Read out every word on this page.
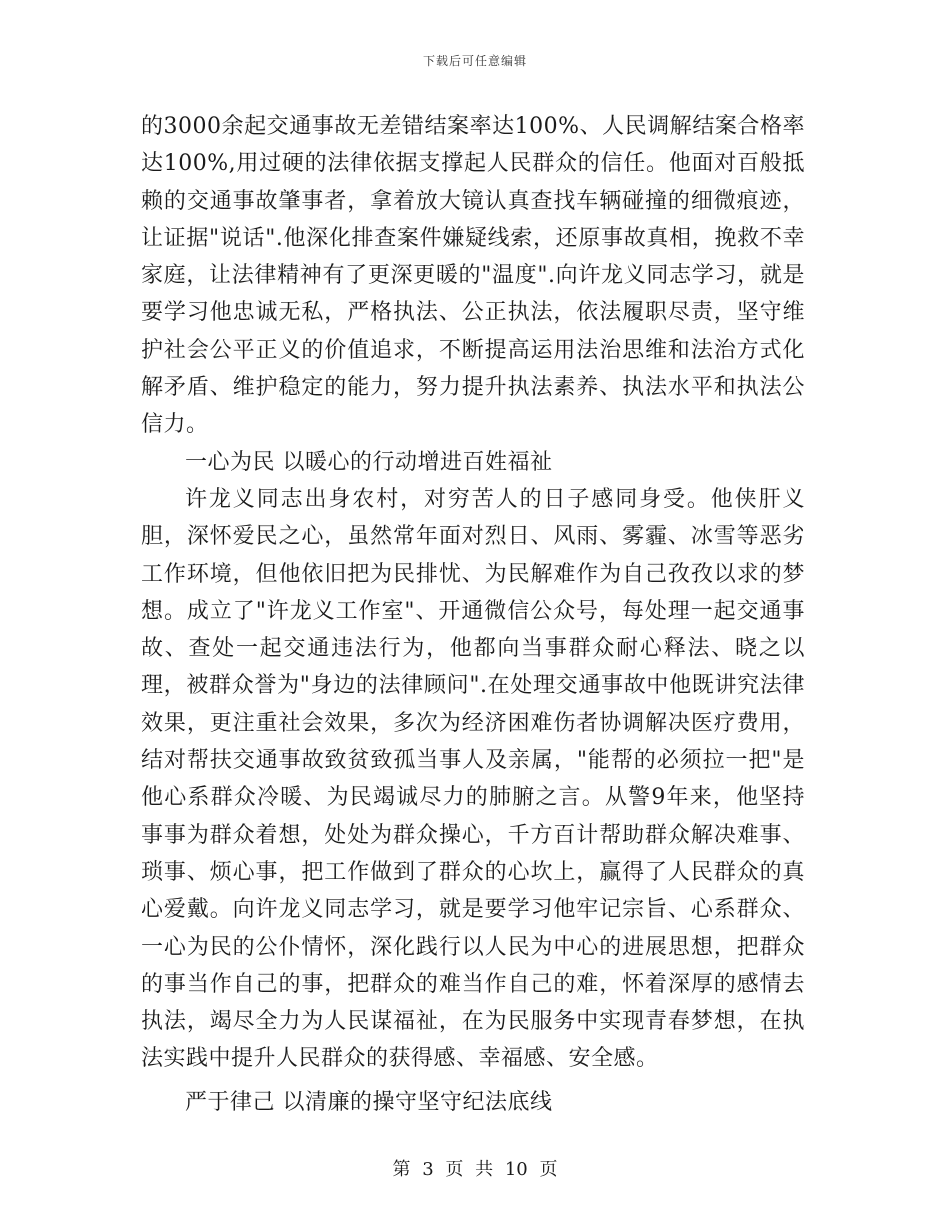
下载后可任意编辑

的3000余起交通事故无差错结案率达100%、人民调解结案合格率达100%,用过硬的法律依据支撑起人民群众的信任。他面对百般抵赖的交通事故肇事者，拿着放大镜认真查找车辆碰撞的细微痕迹，让证据"说话".他深化排查案件嫌疑线索，还原事故真相，挽救不幸家庭，让法律精神有了更深更暖的"温度".向许龙义同志学习，就是要学习他忠诚无私，严格执法、公正执法，依法履职尽责，坚守维护社会公平正义的价值追求，不断提高运用法治思维和法治方式化解矛盾、维护稳定的能力，努力提升执法素养、执法水平和执法公信力。

一心为民 以暖心的行动增进百姓福祉

许龙义同志出身农村，对穷苦人的日子感同身受。他侠肝义胆，深怀爱民之心，虽然常年面对烈日、风雨、雾霾、冰雪等恶劣工作环境，但他依旧把为民排忧、为民解难作为自己孜孜以求的梦想。成立了"许龙义工作室"、开通微信公众号，每处理一起交通事故、查处一起交通违法行为，他都向当事群众耐心释法、晓之以理，被群众誉为"身边的法律顾问".在处理交通事故中他既讲究法律效果，更注重社会效果，多次为经济困难伤者协调解决医疗费用，结对帮扶交通事故致贫致孤当事人及亲属，"能帮的必须拉一把"是他心系群众冷暖、为民竭诚尽力的肺腑之言。从警9年来，他坚持事事为群众着想，处处为群众操心，千方百计帮助群众解决难事、琐事、烦心事，把工作做到了群众的心坎上，赢得了人民群众的真心爱戴。向许龙义同志学习，就是要学习他牢记宗旨、心系群众、一心为民的公仆情怀，深化践行以人民为中心的进展思想，把群众的事当作自己的事，把群众的难当作自己的难，怀着深厚的感情去执法，竭尽全力为人民谋福祉，在为民服务中实现青春梦想，在执法实践中提升人民群众的获得感、幸福感、安全感。

严于律己 以清廉的操守坚守纪法底线

第 3 页 共 10 页
